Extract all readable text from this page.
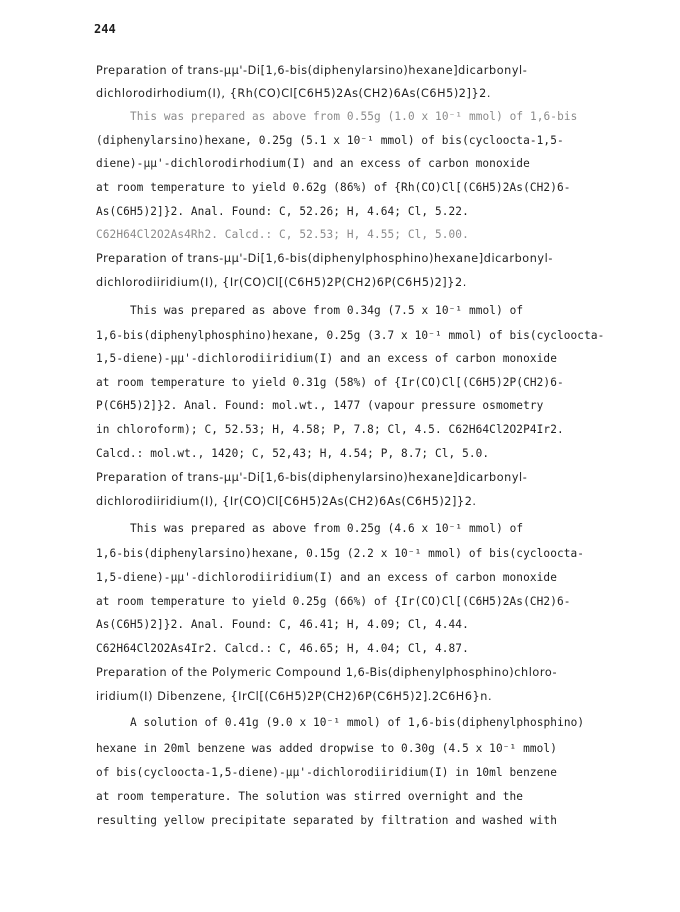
244
Preparation of trans-μμ'-Di[1,6-bis(diphenylarsino)hexane]dicarbonyl-
dichlorodirhodium(I), {Rh(CO)Cl[C6H5)2As(CH2)6As(C6H5)2]}2.
This was prepared as above from 0.55g (1.0 x 10⁻¹ mmol) of 1,6-bis
(diphenylarsino)hexane, 0.25g (5.1 x 10⁻¹ mmol) of bis(cycloocta-1,5-
diene)-μμ'-dichlorodirhodium(I) and an excess of carbon monoxide
at room temperature to yield 0.62g (86%) of {Rh(CO)Cl[(C6H5)2As(CH2)6-
As(C6H5)2]}2. Anal. Found: C, 52.26; H, 4.64; Cl, 5.22.
C62H64Cl2O2As4Rh2. Calcd.: C, 52.53; H, 4.55; Cl, 5.00.
Preparation of trans-μμ'-Di[1,6-bis(diphenylphosphino)hexane]dicarbonyl-
dichlorodiiridium(I), {Ir(CO)Cl[(C6H5)2P(CH2)6P(C6H5)2]}2.
This was prepared as above from 0.34g (7.5 x 10⁻¹ mmol) of
1,6-bis(diphenylphosphino)hexane, 0.25g (3.7 x 10⁻¹ mmol) of bis(cycloocta-
1,5-diene)-μμ'-dichlorodiiridium(I) and an excess of carbon monoxide
at room temperature to yield 0.31g (58%) of {Ir(CO)Cl[(C6H5)2P(CH2)6-
P(C6H5)2]}2. Anal. Found: mol.wt., 1477 (vapour pressure osmometry
in chloroform); C, 52.53; H, 4.58; P, 7.8; Cl, 4.5. C62H64Cl2O2P4Ir2.
Calcd.: mol.wt., 1420; C, 52,43; H, 4.54; P, 8.7; Cl, 5.0.
Preparation of trans-μμ'-Di[1,6-bis(diphenylarsino)hexane]dicarbonyl-
dichlorodiiridium(I), {Ir(CO)Cl[C6H5)2As(CH2)6As(C6H5)2]}2.
This was prepared as above from 0.25g (4.6 x 10⁻¹ mmol) of
1,6-bis(diphenylarsino)hexane, 0.15g (2.2 x 10⁻¹ mmol) of bis(cycloocta-
1,5-diene)-μμ'-dichlorodiiridium(I) and an excess of carbon monoxide
at room temperature to yield 0.25g (66%) of {Ir(CO)Cl[(C6H5)2As(CH2)6-
As(C6H5)2]}2. Anal. Found: C, 46.41; H, 4.09; Cl, 4.44.
C62H64Cl2O2As4Ir2. Calcd.: C, 46.65; H, 4.04; Cl, 4.87.
Preparation of the Polymeric Compound 1,6-Bis(diphenylphosphino)chloro-
iridium(I) Dibenzene, {IrCl[(C6H5)2P(CH2)6P(C6H5)2].2C6H6}n.
A solution of 0.41g (9.0 x 10⁻¹ mmol) of 1,6-bis(diphenylphosphino)
hexane in 20ml benzene was added dropwise to 0.30g (4.5 x 10⁻¹ mmol)
of bis(cycloocta-1,5-diene)-μμ'-dichlorodiiridium(I) in 10ml benzene
at room temperature. The solution was stirred overnight and the
resulting yellow precipitate separated by filtration and washed with
